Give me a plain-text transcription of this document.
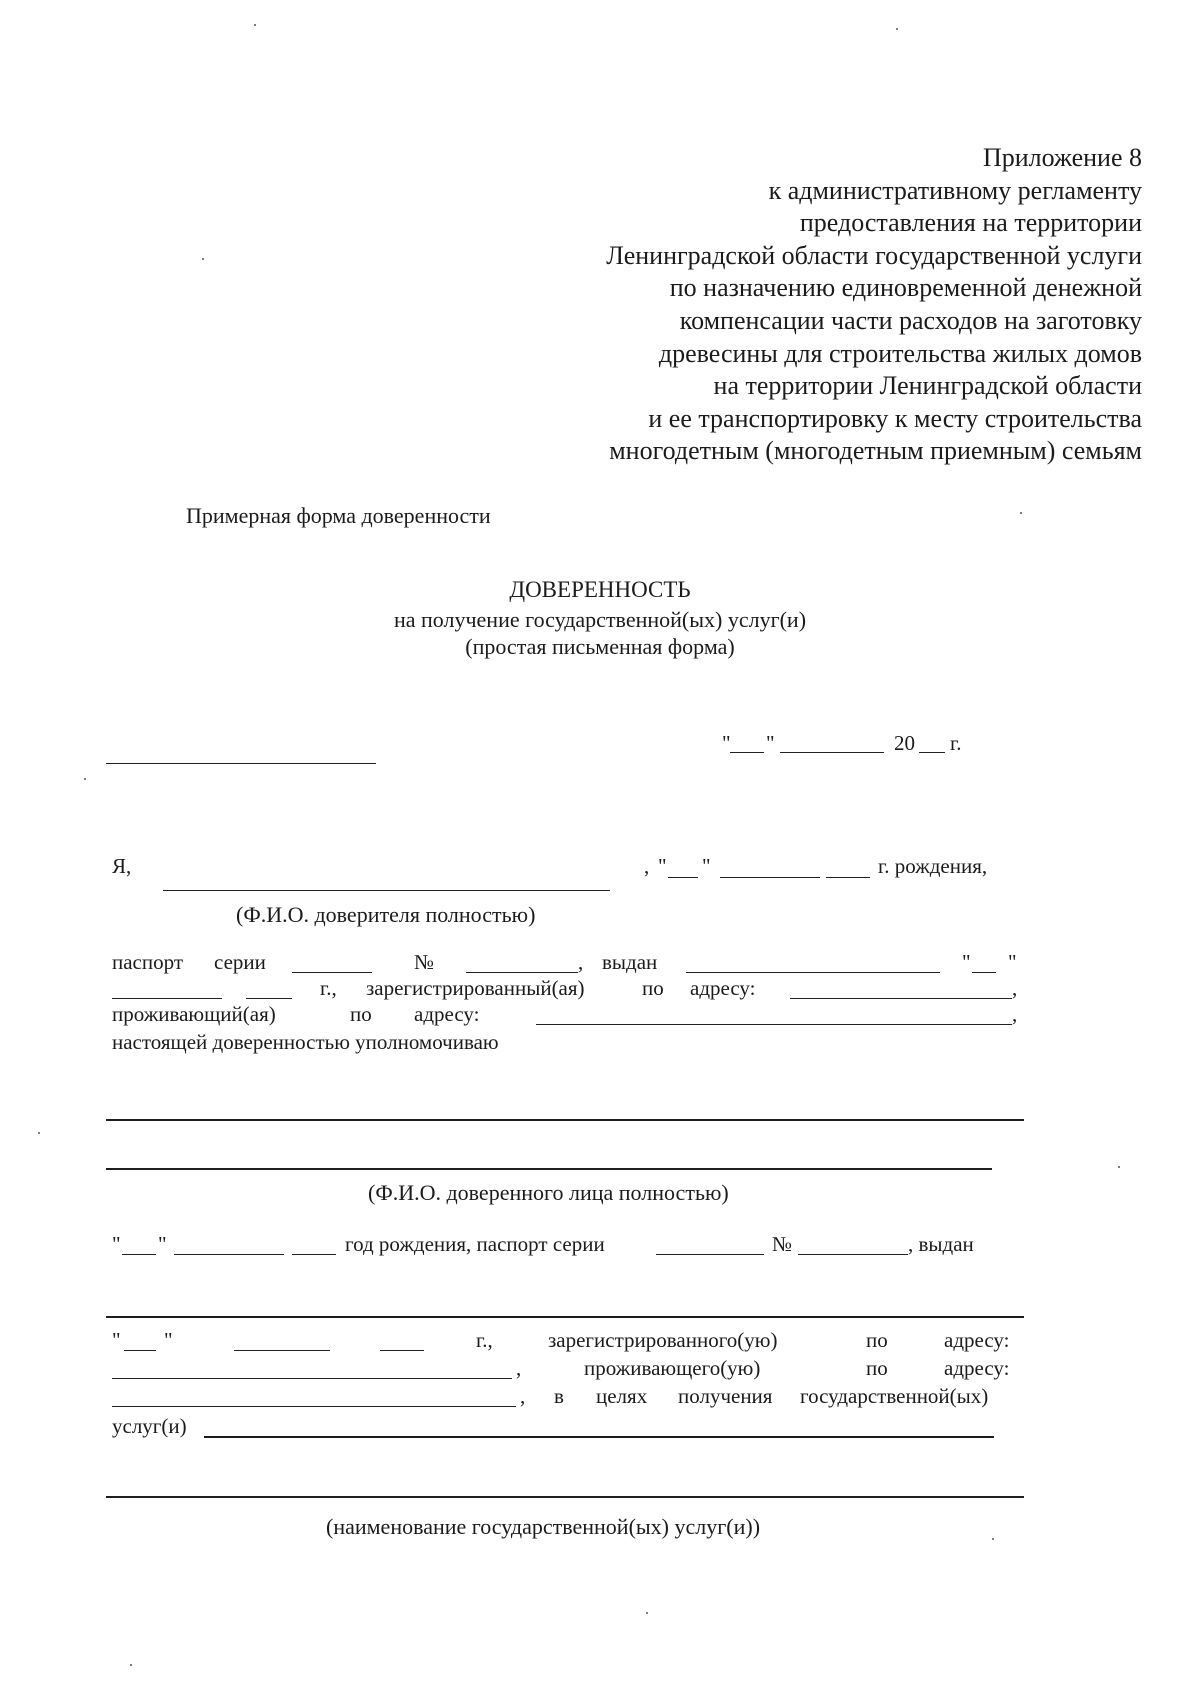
Приложение 8
к административному регламенту
предоставления на территории
Ленинградской области государственной услуги
по назначению единовременной денежной
компенсации части расходов на заготовку
древесины для строительства жилых домов
на территории Ленинградской области
и ее транспортировку к месту строительства
многодетным (многодетным приемным) семьям
Примерная форма доверенности
ДОВЕРЕННОСТЬ
на получение государственной(ых) услуг(и)
(простая письменная форма)
" "	20 г.
Я,	, " "	г. рождения,
(Ф.И.О. доверителя полностью)
паспорт серии	№	, выдан	" "
г., зарегистрированный(ая)	по адресу:	,
проживающий(ая)	по адресу:	,
настоящей доверенностью уполномочиваю
(Ф.И.О. доверенного лица полностью)
" "	год рождения, паспорт серии	№	, выдан
" "	г.,	зарегистрированного(ую)	по	адресу:
,	проживающего(ую)	по	адресу:
, в целях получения государственной(ых)
услуг(и)
(наименование государственной(ых) услуг(и))
